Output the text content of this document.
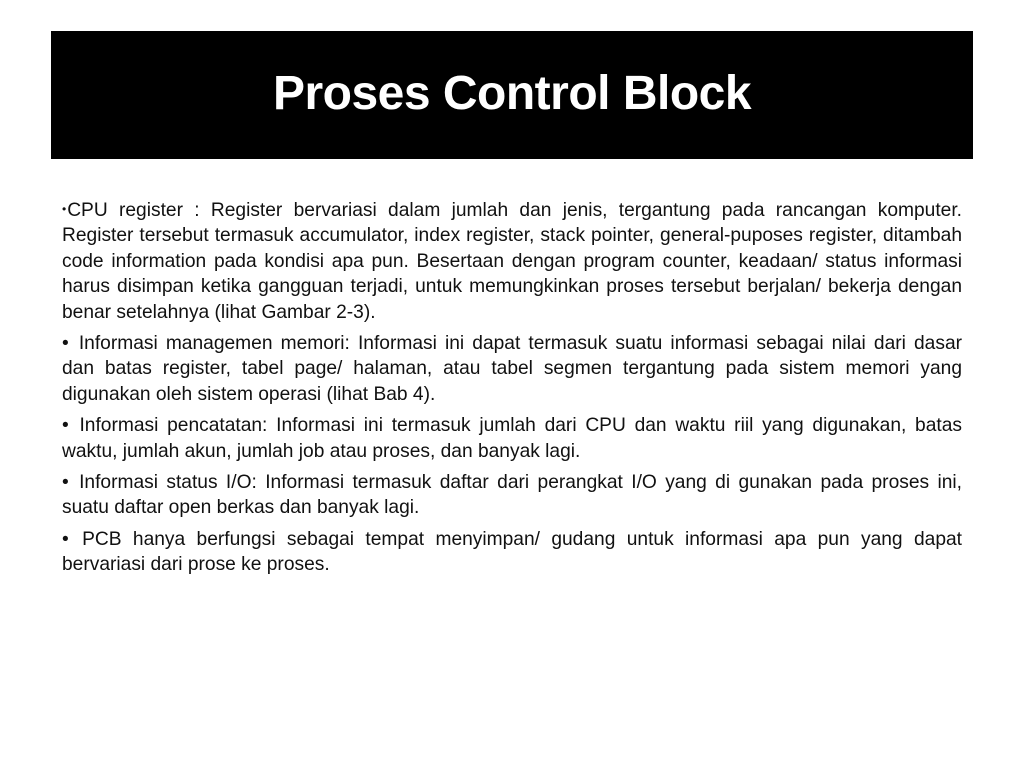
Proses Control Block

•CPU register : Register bervariasi dalam jumlah dan jenis, tergantung pada rancangan komputer. Register tersebut termasuk accumulator, index register, stack pointer, general-puposes register, ditambah code information pada kondisi apa pun. Besertaan dengan program counter, keadaan/ status informasi harus disimpan ketika gangguan terjadi, untuk memungkinkan proses tersebut berjalan/ bekerja dengan benar setelahnya (lihat Gambar 2-3).

• Informasi managemen memori: Informasi ini dapat termasuk suatu informasi sebagai nilai dari dasar dan batas register, tabel page/ halaman, atau tabel segmen tergantung pada sistem memori yang digunakan oleh sistem operasi (lihat Bab 4).

• Informasi pencatatan: Informasi ini termasuk jumlah dari CPU dan waktu riil yang digunakan, batas waktu, jumlah akun, jumlah job atau proses, dan banyak lagi.

• Informasi status I/O: Informasi termasuk daftar dari perangkat I/O yang di gunakan pada proses ini, suatu daftar open berkas dan banyak lagi.

• PCB hanya berfungsi sebagai tempat menyimpan/ gudang untuk informasi apa pun yang dapat bervariasi dari prose ke proses.
